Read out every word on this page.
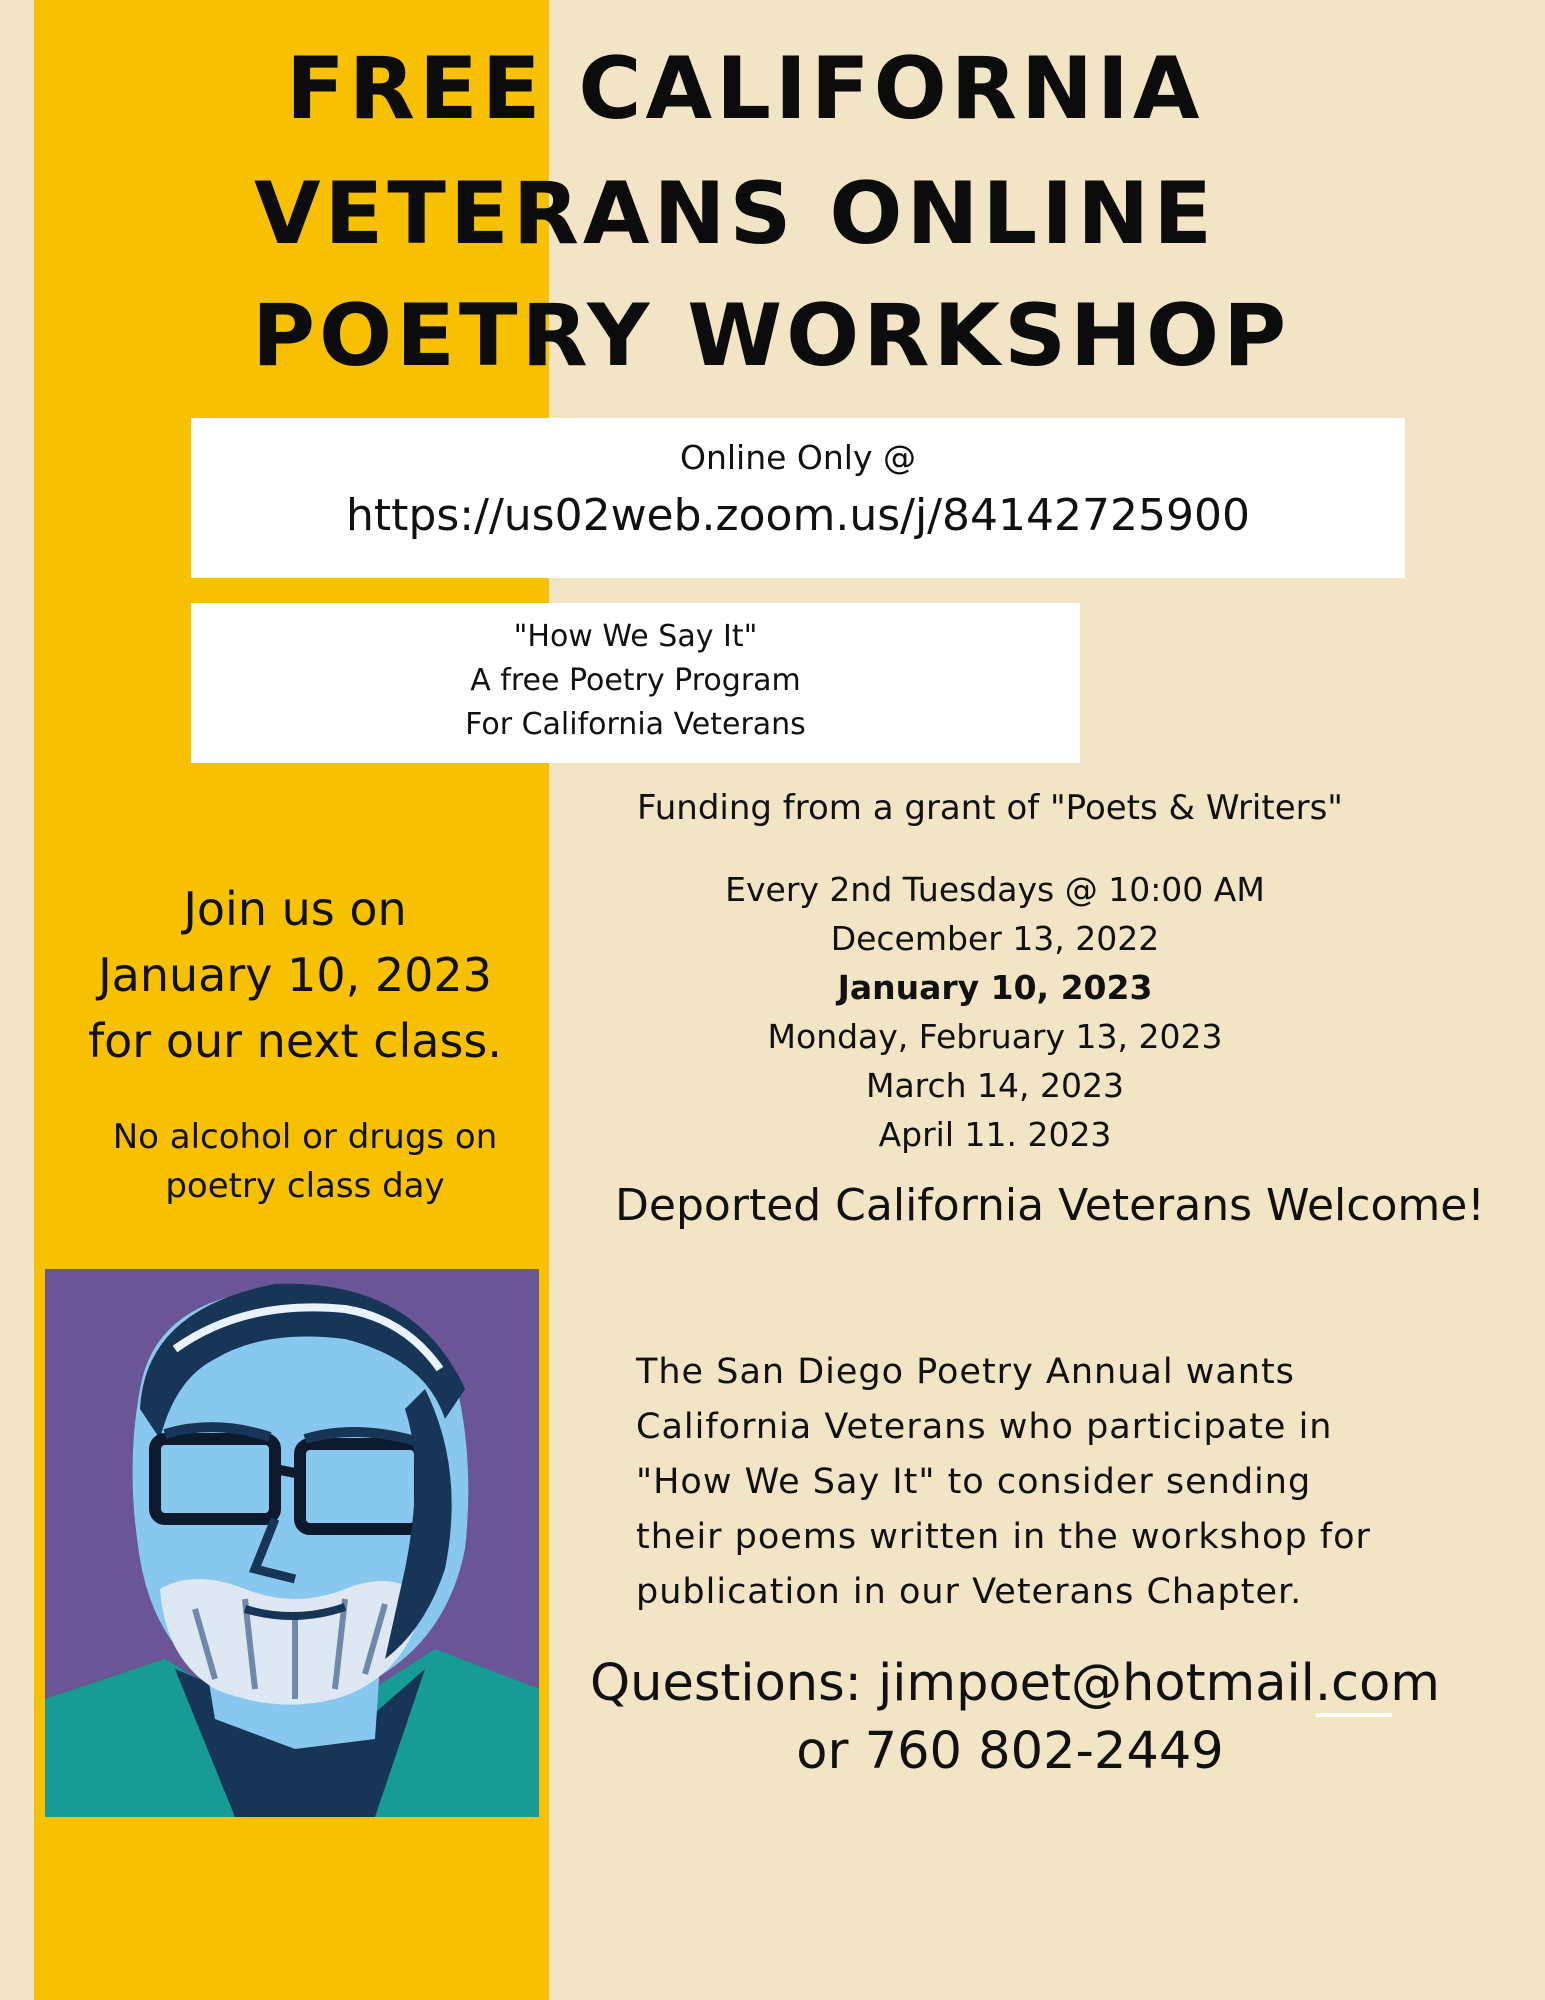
FREE CALIFORNIA
VETERANS ONLINE
POETRY WORKSHOP
Online Only @
https://us02web.zoom.us/j/84142725900
"How We Say It"
A free Poetry Program
For California Veterans
Funding from a grant of "Poets & Writers"
Every 2nd Tuesdays @ 10:00 AM
December 13, 2022
January 10, 2023
Monday, February 13, 2023
March 14, 2023
April 11. 2023
Join us on
January 10, 2023
for our next class.
No alcohol or drugs on
poetry class day	Deported California Veterans Welcome!
The San Diego Poetry Annual wants
California Veterans who participate in
"How We Say It" to consider sending
their poems written in the workshop for
publication in our Veterans Chapter.
Questions: jimpoet@hotmail.com
or 760 802-2449
